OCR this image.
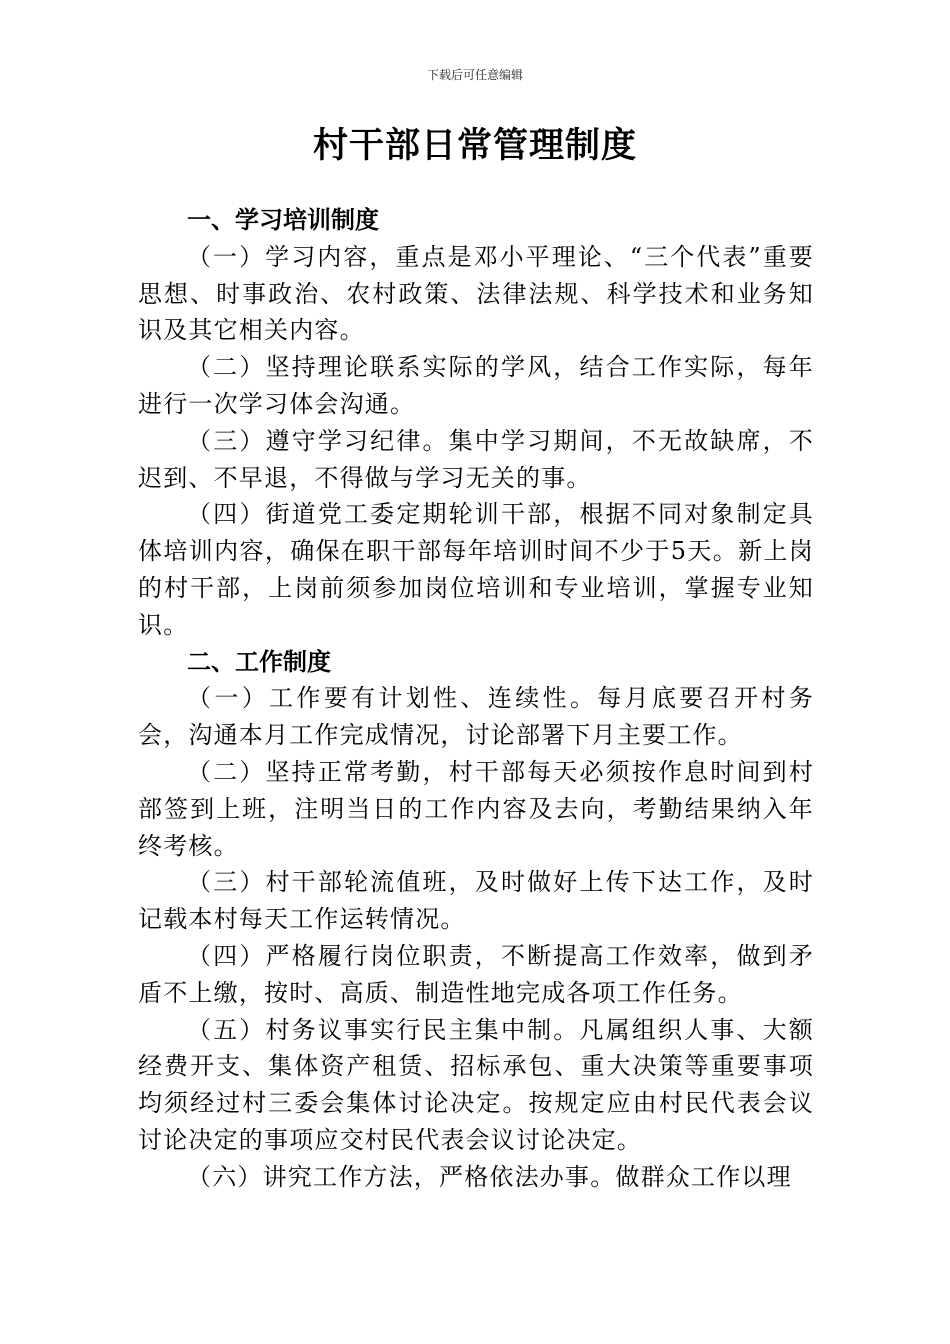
下载后可任意编辑
村干部日常管理制度
一、学习培训制度

（一）学习内容，重点是邓小平理论、“三个代表”重要思想、时事政治、农村政策、法律法规、科学技术和业务知识及其它相关内容。

（二）坚持理论联系实际的学风，结合工作实际，每年进行一次学习体会沟通。

（三）遵守学习纪律。集中学习期间，不无故缺席，不迟到、不早退，不得做与学习无关的事。

（四）街道党工委定期轮训干部，根据不同对象制定具体培训内容，确保在职干部每年培训时间不少于5天。新上岗的村干部，上岗前须参加岗位培训和专业培训，掌握专业知识。

二、工作制度

（一）工作要有计划性、连续性。每月底要召开村务会，沟通本月工作完成情况，讨论部署下月主要工作。

（二）坚持正常考勤，村干部每天必须按作息时间到村部签到上班，注明当日的工作内容及去向，考勤结果纳入年终考核。

（三）村干部轮流值班，及时做好上传下达工作，及时记载本村每天工作运转情况。

（四）严格履行岗位职责，不断提高工作效率，做到矛盾不上缴，按时、高质、制造性地完成各项工作任务。

（五）村务议事实行民主集中制。凡属组织人事、大额经费开支、集体资产租赁、招标承包、重大决策等重要事项均须经过村三委会集体讨论决定。按规定应由村民代表会议讨论决定的事项应交村民代表会议讨论决定。

（六）讲究工作方法，严格依法办事。做群众工作以理
